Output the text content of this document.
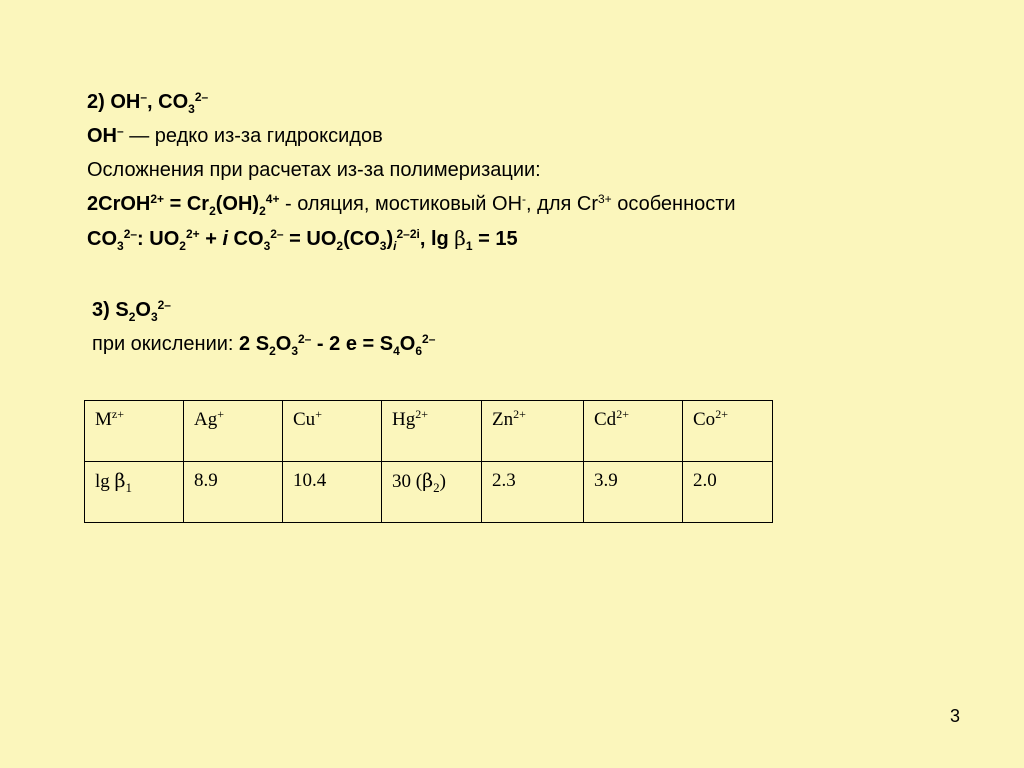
2) OH–, $CO_3^{2-}$
OH– — редко из-за гидроксидов
Осложнения при расчетах из-за полимеризации:
2CrOH$^{2+}$ = $Cr_2(OH)_2^{4+}$ - оляция, мостиковый ОН-, для $Cr^{3+}$ особенности
$CO_3^{2-}$: $UO_2^{2+} + i$ $CO_3^{2-} = UO_2(CO_3)_i^{2-2i}$, $\lg \beta_1 = 15$
3) $S_2O_3^{2-}$
при окислении: 2 $S_2O_3^{2-} - 2$ $e = S_4O_6^{2-}$
$M^{z+}$	Ag+	Cu+	$Hg^{2+}$	$Zn^{2+}$	$Cd^{2+}$	$Co^{2+}$
$\lg \beta_1$	8.9	10.4	30 $(\beta_2)$	2.3	3.9	2.0
3
